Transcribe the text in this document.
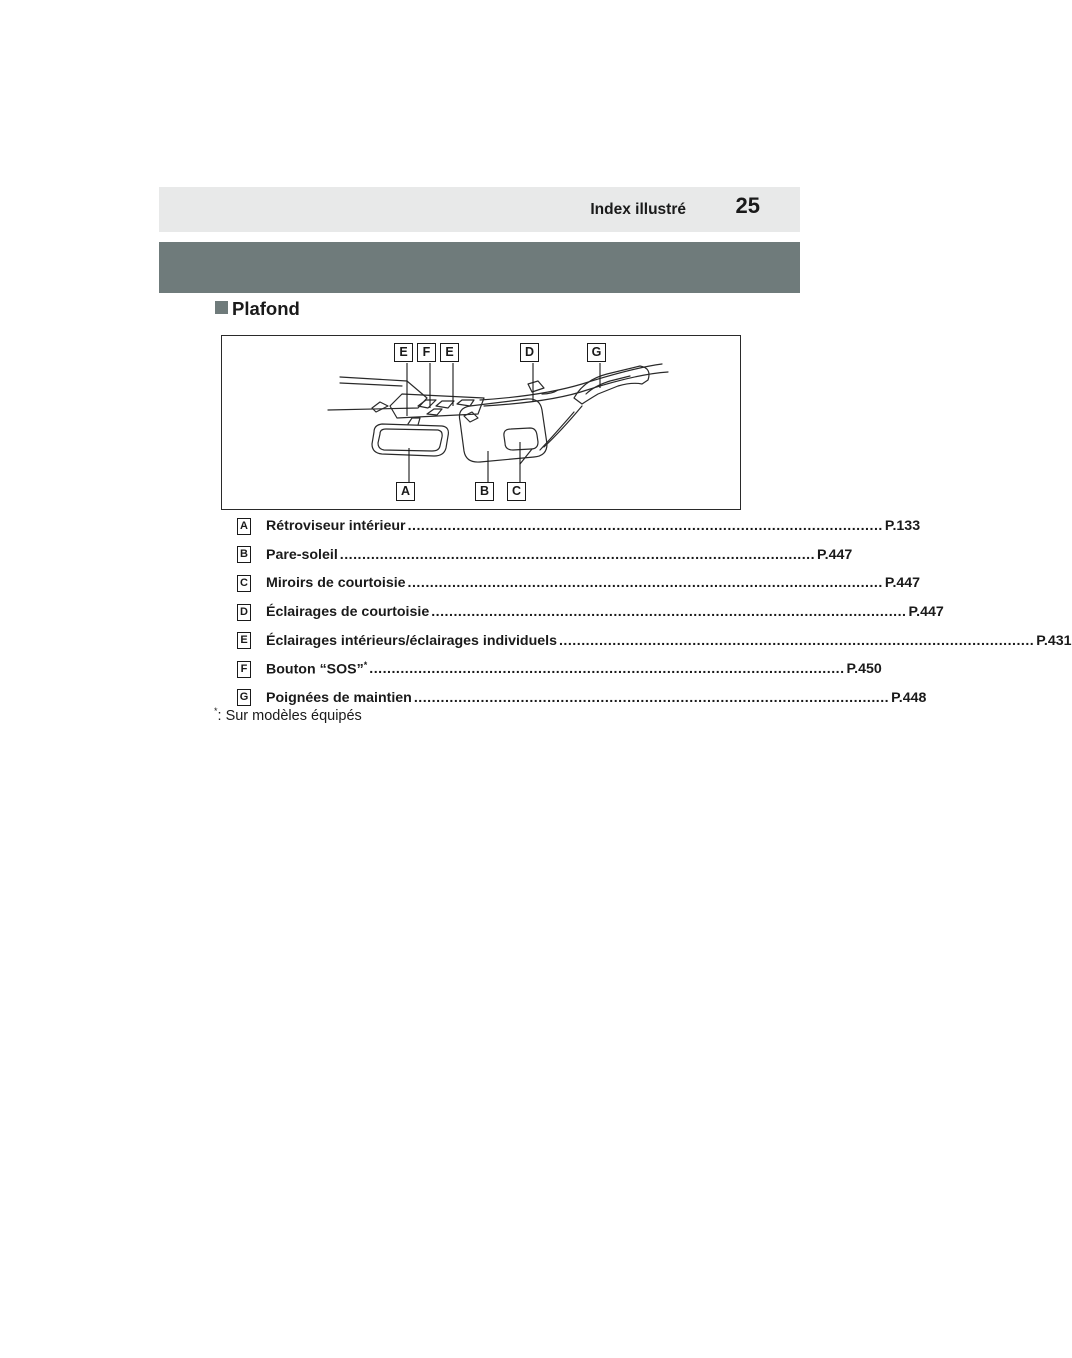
Index illustré 25
Plafond
E	F	E	D	G
A	B	C
A Rétroviseur intérieur ........................................................................................................... P.133
B Pare-soleil ........................................................................................................... P.447
C Miroirs de courtoisie ........................................................................................................... P.447
D Éclairages de courtoisie ........................................................................................................... P.447
E Éclairages intérieurs/éclairages individuels ........................................................................................................... P.431
F Bouton “SOS”* ........................................................................................................... P.450
G Poignées de maintien ........................................................................................................... P.448
*: Sur modèles équipés
